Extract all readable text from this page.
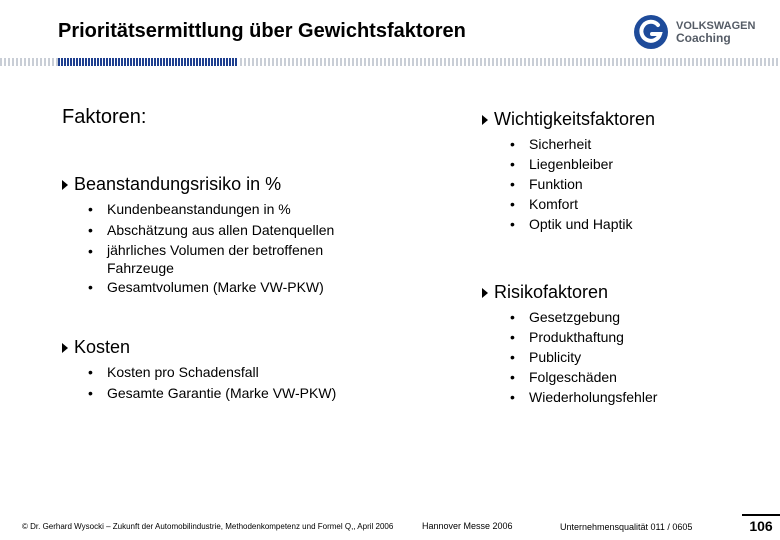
Prioritätsermittlung über Gewichtsfaktoren	VOLKSWAGEN
Coaching
Faktoren:
Beanstandungsrisiko in %
• Kundenbeanstandungen in %
• Abschätzung aus allen Datenquellen
• jährliches Volumen der betroffenen
Fahrzeuge
• Gesamtvolumen (Marke VW-PKW)
Kosten
• Kosten pro Schadensfall
• Gesamte Garantie (Marke VW-PKW)
Wichtigkeitsfaktoren
• Sicherheit
• Liegenbleiber
• Funktion
• Komfort
• Optik und Haptik
Risikofaktoren
• Gesetzgebung
• Produkthaftung
• Publicity
• Folgeschäden
• Wiederholungsfehler
© Dr. Gerhard Wysocki – Zukunft der Automobilindustrie, Methodenkompetenz und Formel Q,, April 2006	Hannover Messe 2006	Unternehmensqualität 011 / 0605	106
